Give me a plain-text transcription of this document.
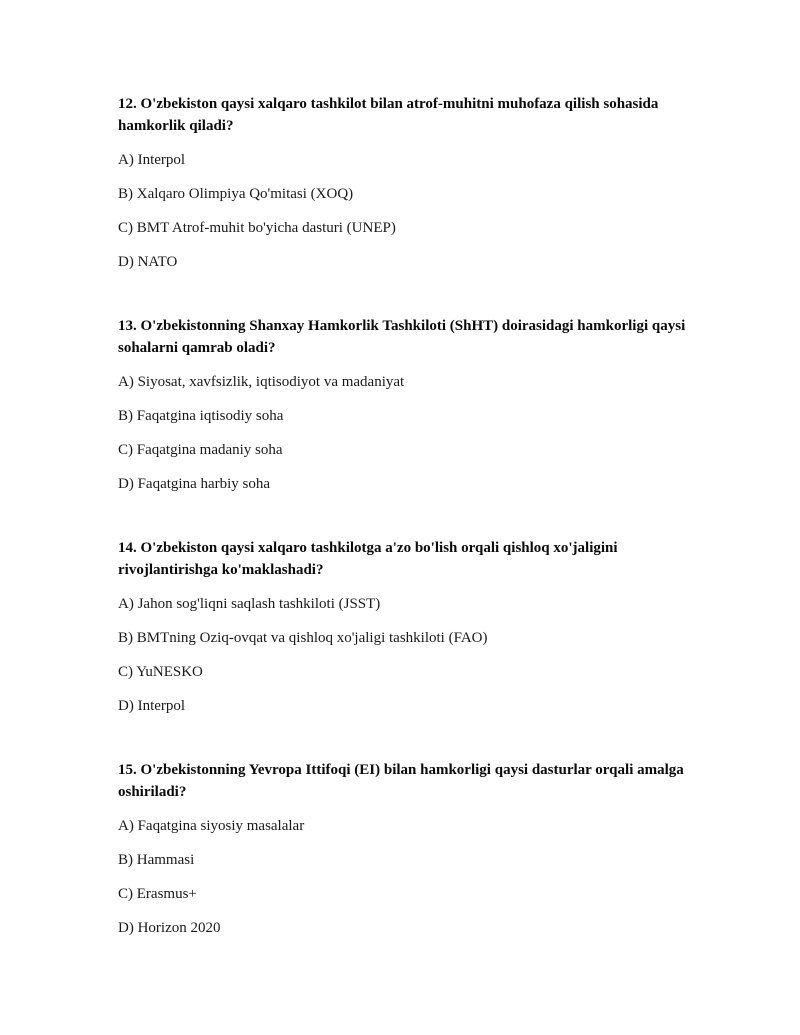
12. O'zbekiston qaysi xalqaro tashkilot bilan atrof-muhitni muhofaza qilish sohasida hamkorlik qiladi?
A) Interpol
B) Xalqaro Olimpiya Qo'mitasi (XOQ)
C) BMT Atrof-muhit bo'yicha dasturi (UNEP)
D) NATO
13. O'zbekistonning Shanxay Hamkorlik Tashkiloti (ShHT) doirasidagi hamkorligi qaysi sohalarni qamrab oladi?
A) Siyosat, xavfsizlik, iqtisodiyot va madaniyat
B) Faqatgina iqtisodiy soha
C) Faqatgina madaniy soha
D) Faqatgina harbiy soha
14. O'zbekiston qaysi xalqaro tashkilotga a'zo bo'lish orqali qishloq xo'jaligini rivojlantirishga ko'maklashadi?
A) Jahon sog'liqni saqlash tashkiloti (JSST)
B) BMTning Oziq-ovqat va qishloq xo'jaligi tashkiloti (FAO)
C) YuNESKO
D) Interpol
15. O'zbekistonning Yevropa Ittifoqi (EI) bilan hamkorligi qaysi dasturlar orqali amalga oshiriladi?
A) Faqatgina siyosiy masalalar
B) Hammasi
C) Erasmus+
D) Horizon 2020
